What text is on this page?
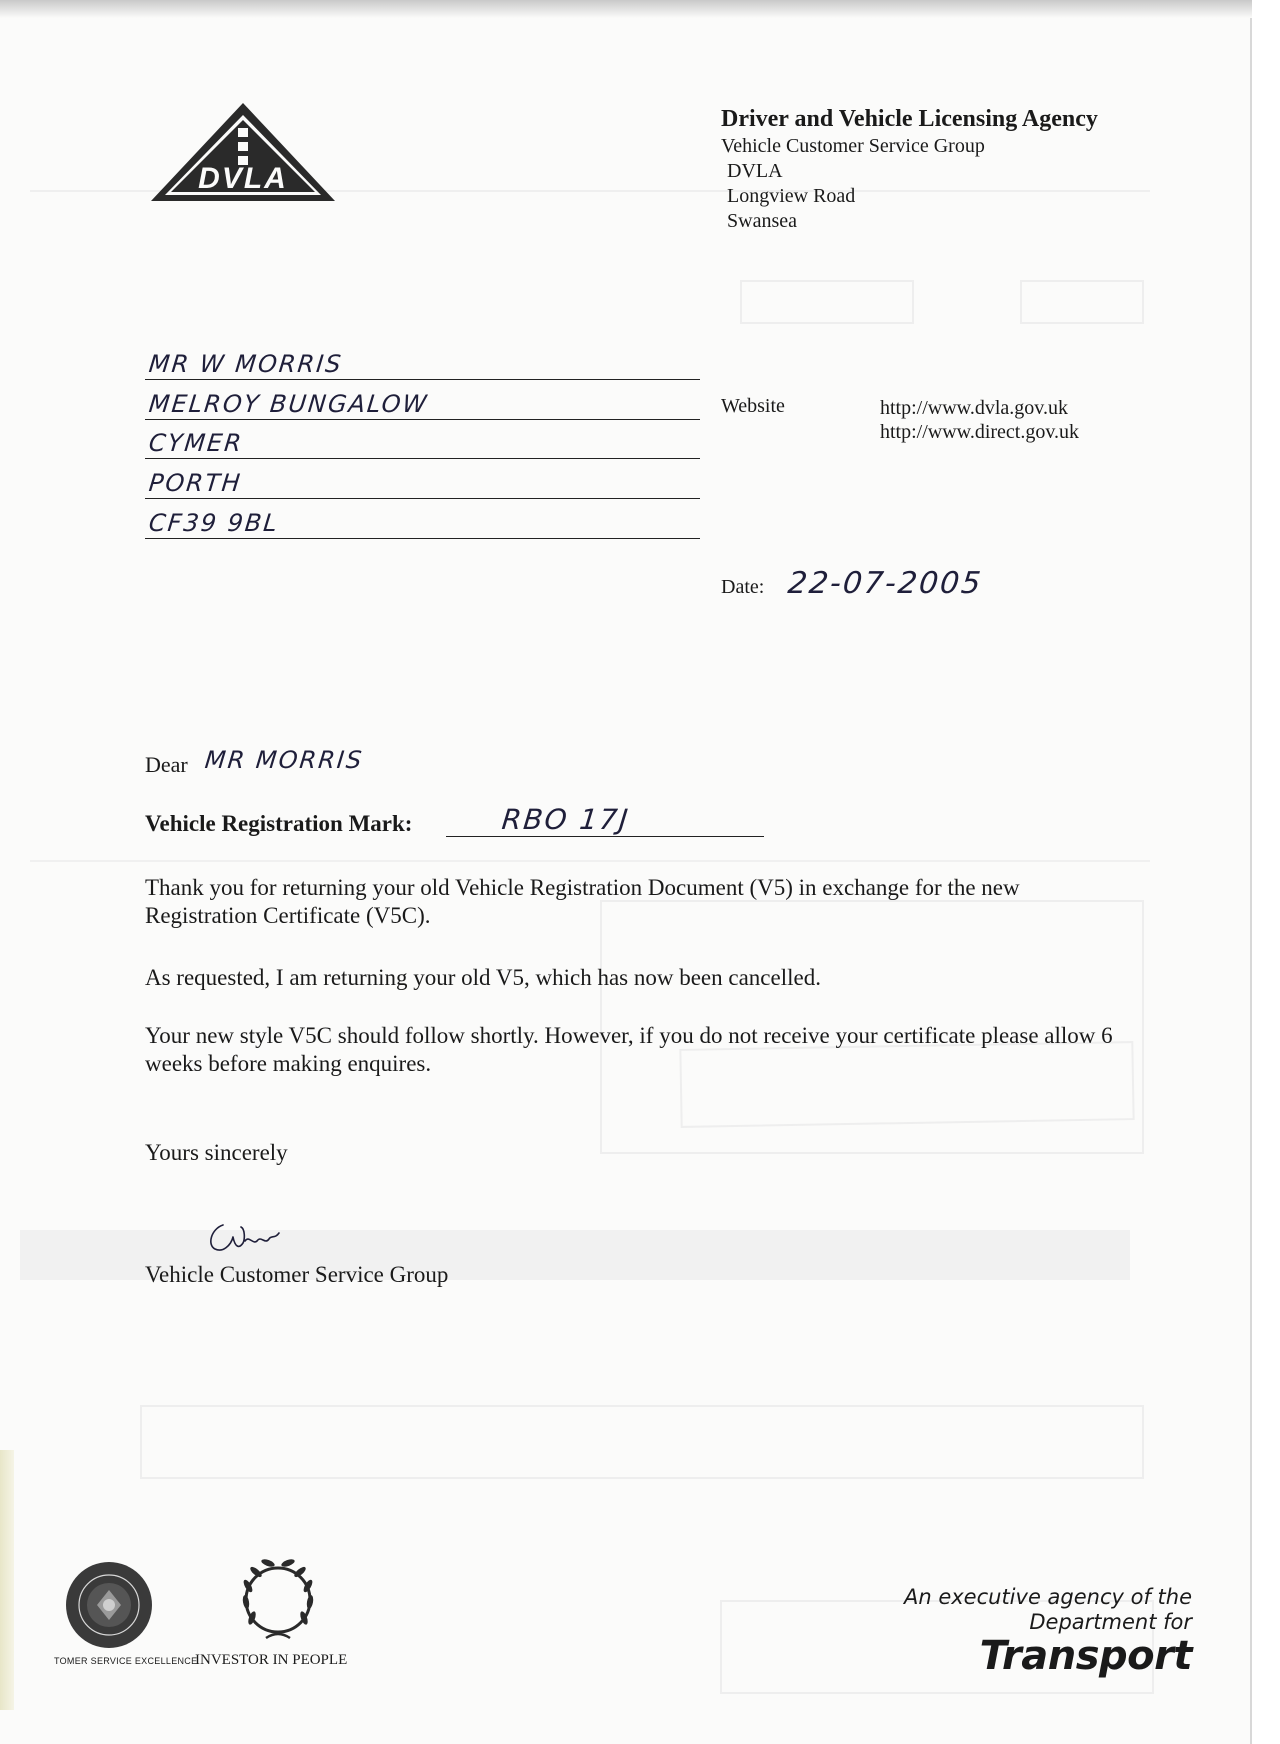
DVLA
Driver and Vehicle Licensing Agency
Vehicle Customer Service Group
DVLA
Longview Road
Swansea
MR W MORRIS
MELROY BUNGALOW
CYMER
PORTH
CF39 9BL
Website	http://www.dvla.gov.uk
http://www.direct.gov.uk
Date: 22-07-2005
Dear MR MORRIS
Vehicle Registration Mark:	RBO 17J
Thank you for returning your old Vehicle Registration Document (V5) in exchange for the new Registration Certificate (V5C).
As requested, I am returning your old V5, which has now been cancelled.
Your new style V5C should follow shortly. However, if you do not receive your certificate please allow 6 weeks before making enquires.
Yours sincerely
Vehicle Customer Service Group
TOMER SERVICE EXCELLENCE
INVESTOR IN PEOPLE
An executive agency of the
Department for
Transport
